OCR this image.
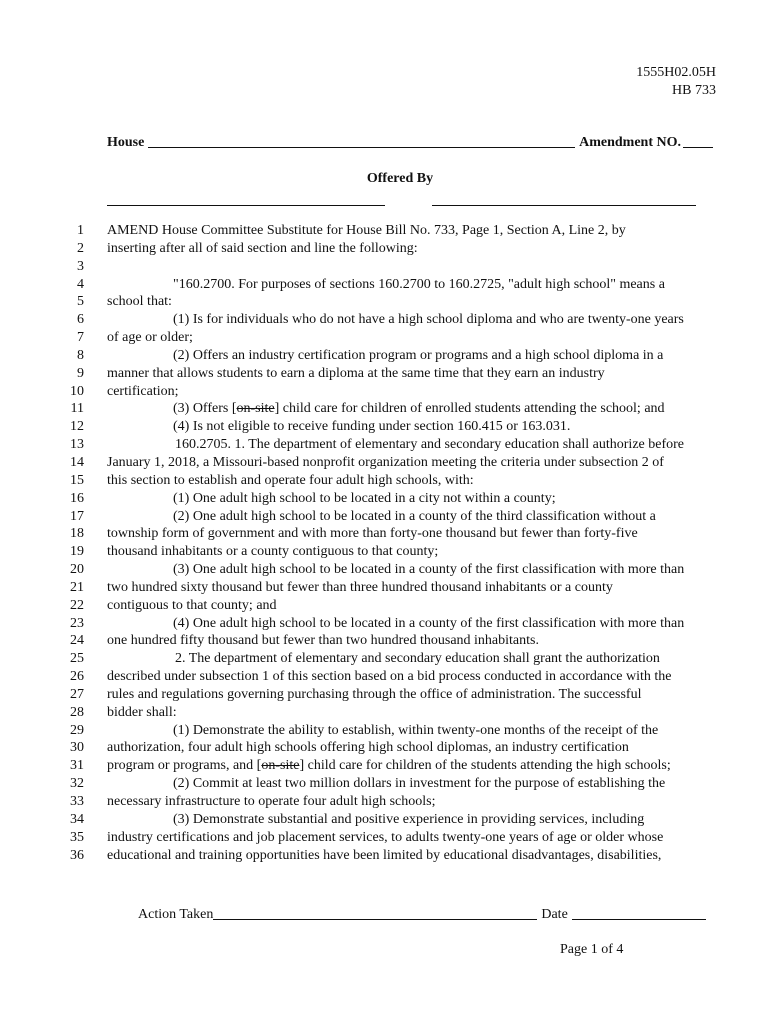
1555H02.05H
HB 733
House	Amendment NO.
Offered By
1	AMEND House Committee Substitute for House Bill No. 733, Page 1, Section A, Line 2, by
2	inserting after all of said section and line the following:
3
4	"160.2700. For purposes of sections 160.2700 to 160.2725, "adult high school" means a
5	school that:
6	(1) Is for individuals who do not have a high school diploma and who are twenty-one years
7	of age or older;
8	(2) Offers an industry certification program or programs and a high school diploma in a
9	manner that allows students to earn a diploma at the same time that they earn an industry
10	certification;
11	(3) Offers [on-site] child care for children of enrolled students attending the school; and
12	(4) Is not eligible to receive funding under section 160.415 or 163.031.
13	160.2705. 1. The department of elementary and secondary education shall authorize before
14	January 1, 2018, a Missouri-based nonprofit organization meeting the criteria under subsection 2 of
15	this section to establish and operate four adult high schools, with:
16	(1) One adult high school to be located in a city not within a county;
17	(2) One adult high school to be located in a county of the third classification without a
18	township form of government and with more than forty-one thousand but fewer than forty-five
19	thousand inhabitants or a county contiguous to that county;
20	(3) One adult high school to be located in a county of the first classification with more than
21	two hundred sixty thousand but fewer than three hundred thousand inhabitants or a county
22	contiguous to that county; and
23	(4) One adult high school to be located in a county of the first classification with more than
24	one hundred fifty thousand but fewer than two hundred thousand inhabitants.
25	2. The department of elementary and secondary education shall grant the authorization
26	described under subsection 1 of this section based on a bid process conducted in accordance with the
27	rules and regulations governing purchasing through the office of administration. The successful
28	bidder shall:
29	(1) Demonstrate the ability to establish, within twenty-one months of the receipt of the
30	authorization, four adult high schools offering high school diplomas, an industry certification
31	program or programs, and [on-site] child care for children of the students attending the high schools;
32	(2) Commit at least two million dollars in investment for the purpose of establishing the
33	necessary infrastructure to operate four adult high schools;
34	(3) Demonstrate substantial and positive experience in providing services, including
35	industry certifications and job placement services, to adults twenty-one years of age or older whose
36	educational and training opportunities have been limited by educational disadvantages, disabilities,
Action Taken	Date
Page 1 of 4
